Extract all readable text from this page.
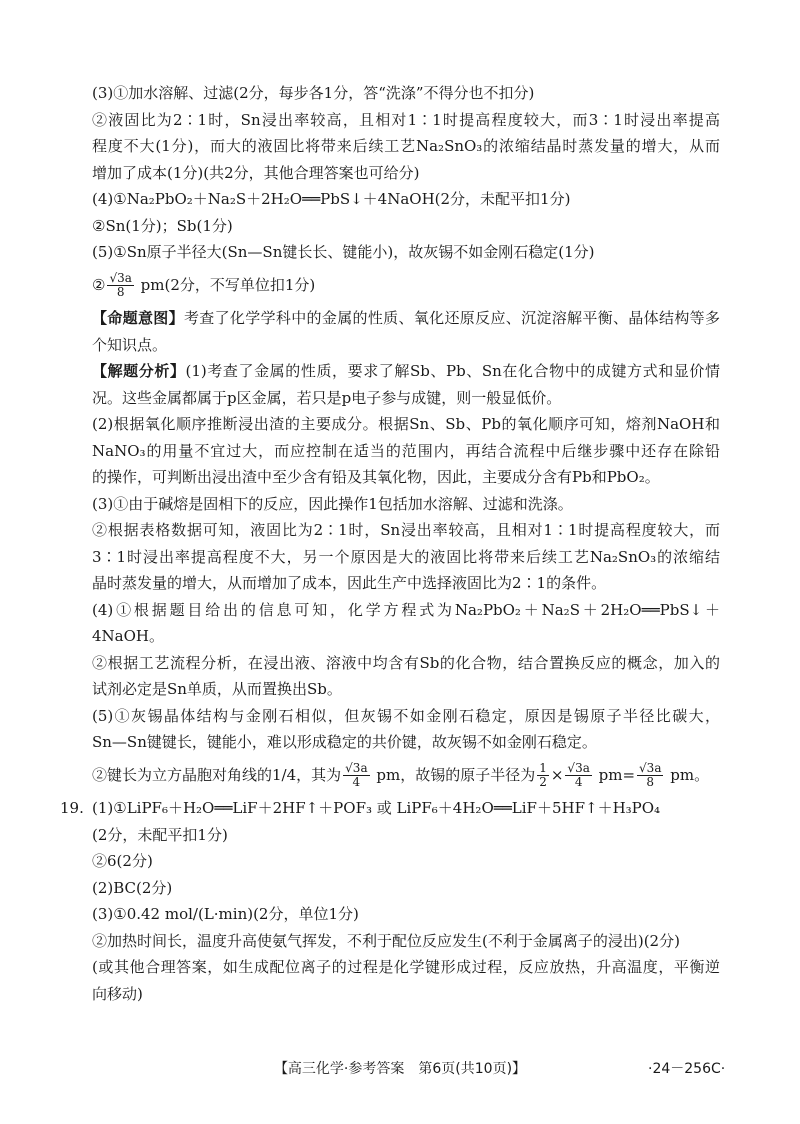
(3)①加水溶解、过滤(2分，每步各1分，答“洗涤”不得分也不扣分)
②液固比为2∶1时，Sn浸出率较高，且相对1∶1时提高程度较大，而3∶1时浸出率提高
程度不大(1分)，而大的液固比将带来后续工艺Na₂SnO₃的浓缩结晶时蒸发量的增大，从而
增加了成本(1分)(共2分，其他合理答案也可给分)
(4)①Na₂PbO₂＋Na₂S＋2H₂O══PbS↓＋4NaOH(2分，未配平扣1分)
②Sn(1分)；Sb(1分)
(5)①Sn原子半径大(Sn—Sn键长长、键能小)，故灰锡不如金刚石稳定(1分)
② $\frac{√3a}{8} pm(2$分，不写单位扣1分)
【命题意图】考查了化学学科中的金属的性质、氧化还原反应、沉淀溶解平衡、晶体结构等多
个知识点。
【解题分析】(1)考查了金属的性质，要求了解Sb、Pb、Sn在化合物中的成键方式和显价情
况。这些金属都属于p区金属，若只是p电子参与成键，则一般显低价。
(2)根据氧化顺序推断浸出渣的主要成分。根据Sn、Sb、Pb的氧化顺序可知，熔剂NaOH和
NaNO₃的用量不宜过大，而应控制在适当的范围内，再结合流程中后继步骤中还存在除铅
的操作，可判断出浸出渣中至少含有铅及其氧化物，因此，主要成分含有Pb和PbO₂。
(3)①由于碱熔是固相下的反应，因此操作1包括加水溶解、过滤和洗涤。
②根据表格数据可知，液固比为2∶1时，Sn浸出率较高，且相对1∶1时提高程度较大，而
3∶1时浸出率提高程度不大，另一个原因是大的液固比将带来后续工艺Na₂SnO₃的浓缩结
晶时蒸发量的增大，从而增加了成本，因此生产中选择液固比为2∶1的条件。
(4)①根据题目给出的信息可知，化学方程式为Na₂PbO₂＋Na₂S＋2H₂O══PbS↓＋
4NaOH。
②根据工艺流程分析，在浸出液、溶液中均含有Sb的化合物，结合置换反应的概念，加入的
试剂必定是Sn单质，从而置换出Sb。
(5)①灰锡晶体结构与金刚石相似，但灰锡不如金刚石稳定，原因是锡原子半径比碳大，
Sn—Sn键键长，键能小，难以形成稳定的共价键，故灰锡不如金刚石稳定。
②键长为立方晶胞对角线的1/4，其为 $\frac{√3a}{4}$ pm，故锡的原子半径为 $\frac{1}{2} \times \frac{√3a}{4} pm= \frac{√3a}{8}$ pm。
19. (1)①LiPF₆＋H₂O══LiF＋2HF↑＋POF₃ 或 LiPF₆＋4H₂O══LiF＋5HF↑＋H₃PO₄
(2分，未配平扣1分)
②6(2分)
(2)BC(2分)
(3)①0.42 mol/(L·min)(2分，单位1分)
②加热时间长，温度升高使氨气挥发，不利于配位反应发生(不利于金属离子的浸出)(2分)
(或其他合理答案，如生成配位离子的过程是化学键形成过程，反应放热，升高温度，平衡逆
向移动)
【高三化学·参考答案　第6页(共10页)】	·24－256C·
